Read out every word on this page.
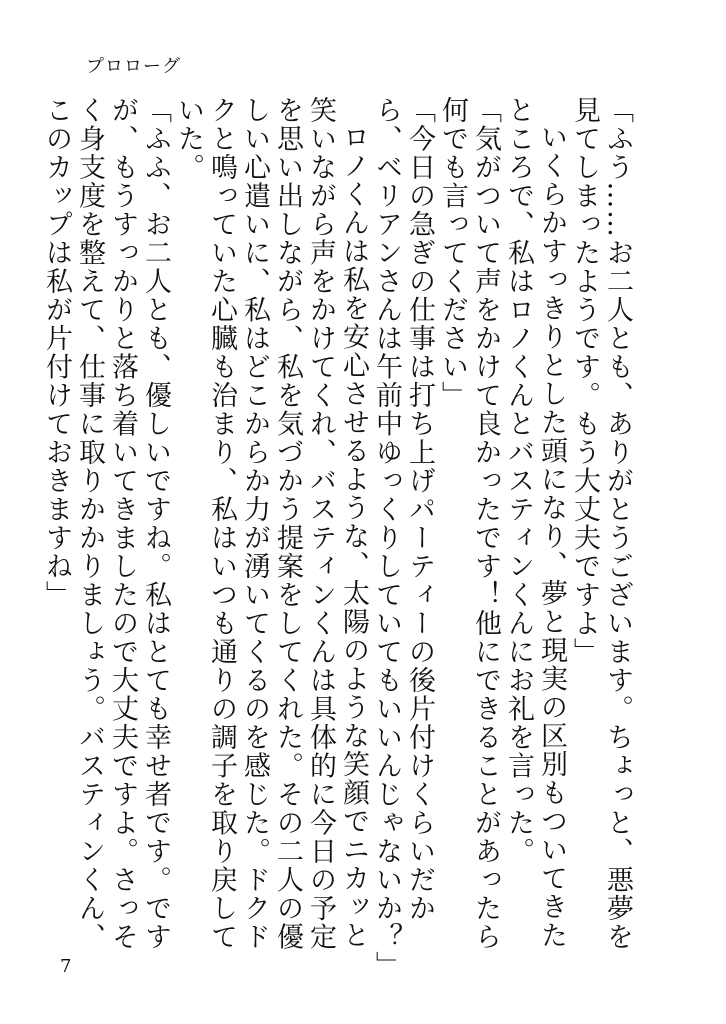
プロローグ

「ふう……お二人とも、ありがとうございます。ちょっと、悪夢を見てしまったようです。もう大丈夫ですよ」

いくらかすっきりとした頭になり、夢と現実の区別もついてきたところで、私はロノくんとバスティンくんにお礼を言った。

「気がついて声をかけて良かったです！他にできることがあったら何でも言ってください」

「今日の急ぎの仕事は打ち上げパーティーの後片付けくらいだから、ベリアンさんは午前中ゆっくりしていてもいいんじゃないか？」

ロノくんは私を安心させるような、太陽のような笑顔でニカッと笑いながら声をかけてくれ、バスティンくんは具体的に今日の予定を思い出しながら、私を気づかう提案をしてくれた。その二人の優しい心遣いに、私はどこからか力が湧いてくるのを感じた。ドクドクと鳴っていた心臓も治まり、私はいつも通りの調子を取り戻していた。

「ふふ、お二人とも、優しいですね。私はとても幸せ者です。ですが、もうすっかりと落ち着いてきましたので大丈夫ですよ。さっそく身支度を整えて、仕事に取りかかりましょう。バスティンくん、このカップは私が片付けておきますね」

7
